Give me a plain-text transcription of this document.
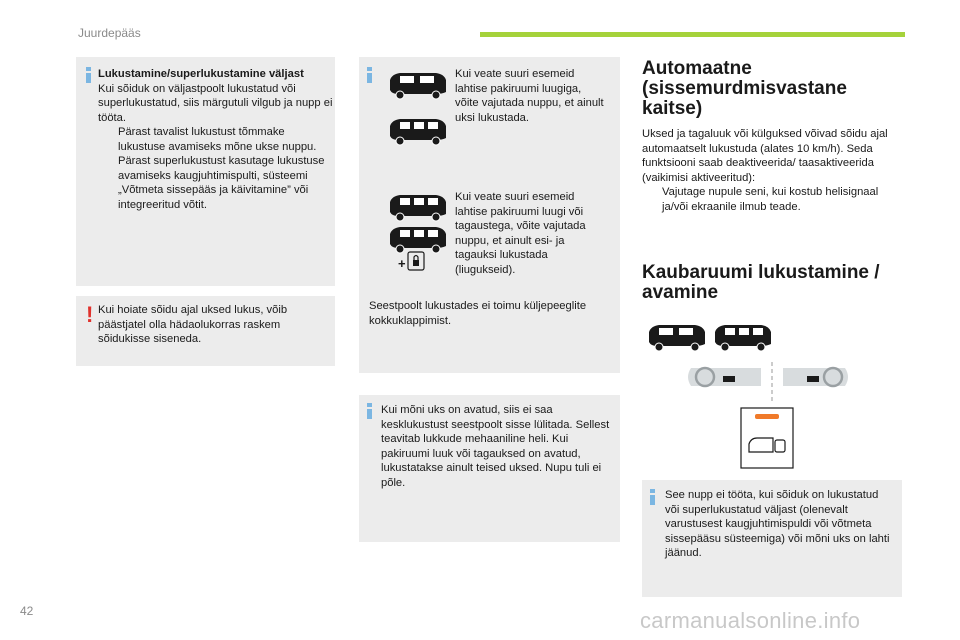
Juurdepääs
42	carmanualsonline.info

Lukustamine/superlukustamine väljast

Kui sõiduk on väljastpoolt lukustatud või superlukustatud, siis märgutuli vilgub ja nupp ei tööta.

Pärast tavalist lukustust tõmmake lukustuse avamiseks mõne ukse nuppu.
Pärast superlukustust kasutage lukustuse avamiseks kaugjuhtimispulti, süsteemi „Võtmeta sissepääs ja käivitamine” või integreeritud võtit.
! Kui hoiate sõidu ajal uksed lukus, võib päästjatel olla hädaolukorras raskem sõidukisse siseneda.
Kui veate suuri esemeid lahtise pakiruumi luugiga, võite vajutada nuppu, et ainult uksi lukustada.
+
Kui veate suuri esemeid lahtise pakiruumi luugi või tagaustega, võite vajutada nuppu, et ainult esi- ja tagauksi lukustada (liugukseid).
Seestpoolt lukustades ei toimu küljepeeglite kokkuklappimist.
Kui mõni uks on avatud, siis ei saa kesklukustust seestpoolt sisse lülitada. Sellest teavitab lukkude mehaaniline heli. Kui pakiruumi luuk või tagauksed on avatud, lukustatakse ainult teised uksed. Nupu tuli ei põle.
Automaatne
(sissemurdmisvastane
kaitse)

Uksed ja tagaluuk või külguksed võivad sõidu ajal automaatselt lukustuda (alates 10 km/h). Seda funktsiooni saab deaktiveerida/ taasaktiveerida (vaikimisi aktiveeritud):

Vajutage nupule seni, kui kostub helisignaal ja/või ekraanile ilmub teade.
Kaubaruumi lukustamine /
avamine
See nupp ei tööta, kui sõiduk on lukustatud või superlukustatud väljast (olenevalt varustusest kaugjuhtimispuldi või võtmeta sissepääsu süsteemiga) või mõni uks on lahti jäänud.
